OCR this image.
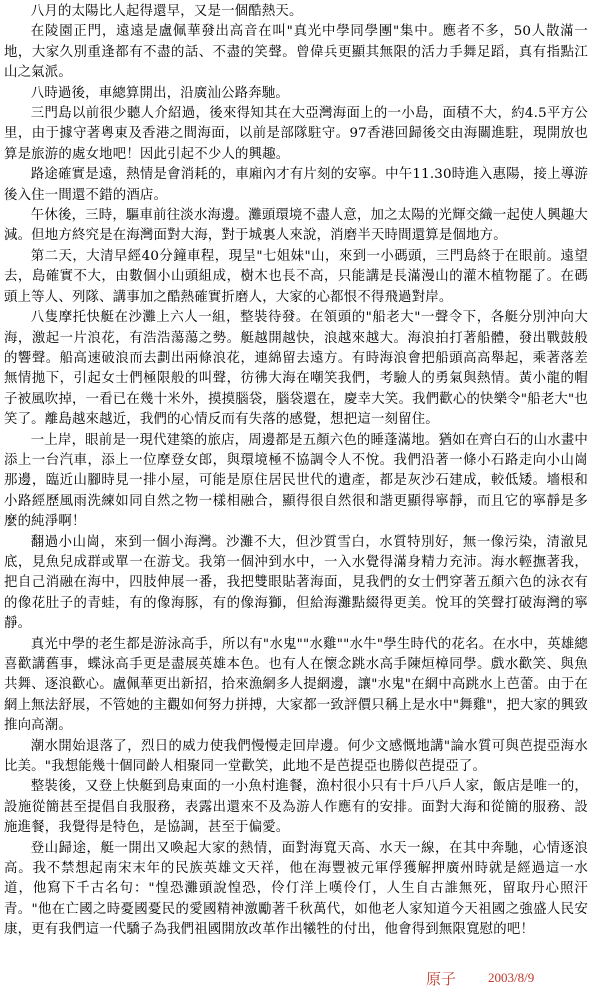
八月的太陽比人起得還早，又是一個酷熱天。

在陵園正門，遠遠是盧佩華發出高音在叫"真光中學同學團"集中。應者不多，50人散滿一地，大家久別重逢都有不盡的話、不盡的笑聲。曾偉兵更顯其無限的活力手舞足蹈，真有指點江山之氣派。

八時過後，車總算開出，沿廣汕公路奔馳。

三門島以前很少聽人介紹過，後來得知其在大亞灣海面上的一小島，面積不大，約4.5平方公里，由于據守著粵東及香港之間海面，以前是部隊駐守。97香港回歸後交由海關進駐，現開放也算是旅游的處女地吧！因此引起不少人的興趣。

路途確實是遠，熱情是會消耗的，車廂內才有片刻的安寧。中午11.30時進入惠陽，接上導游後入住一間還不錯的酒店。

午休後，三時，驅車前往淡水海邊。灘頭環境不盡人意，加之太陽的光輝交織一起使人興趣大減。但地方終究是在海灣面對大海，對于城裏人來說，消磨半天時間還算是個地方。

第二天，大清早經40分鐘車程，現呈"七姐妹"山，來到一小碼頭，三門島終于在眼前。遠望去，島確實不大，由數個小山頭組成，樹木也長不高，只能講是長滿漫山的灌木植物罷了。在碼頭上等人、列隊、講事加之酷熱確實折磨人，大家的心都恨不得飛過對岸。

八隻摩托快艇在沙灘上六人一組，整裝待發。在領頭的"船老大"一聲令下，各艇分別沖向大海，激起一片浪花，有浩浩蕩蕩之勢。艇越開越快，浪越來越大。海浪拍打著船體，發出戰鼓般的響聲。船高速破浪而去劃出兩條浪花，連綿留去遠方。有時海浪會把船頭高高舉起，乘著落差無情拋下，引起女士們極限般的叫聲，彷彿大海在嘲笑我們，考驗人的勇氣與熱情。黃小龍的帽子被風吹掉，一看已在幾十米外，摸摸腦袋，腦袋還在，慶幸大笑。我們歡心的快樂令"船老大"也笑了。離島越來越近，我們的心情反而有失落的感覺，想把這一刻留住。

一上岸，眼前是一現代建築的旅店，周邊都是五顏六色的睡蓬滿地。猶如在齊白石的山水畫中添上一台汽車，添上一位摩登女郎，與環境極不協調令人不悅。我們沿著一條小石路走向小山崗那邊，臨近山腳時見一排小屋，可能是原住居民世代的遺產，都是灰沙石建成，較低矮。墻根和小路經歷風雨洗練如同自然之物一樣相融合，顯得很自然很和諧更顯得寧靜，而且它的寧靜是多麼的純淨啊！

翻過小山崗，來到一個小海灣。沙灘不大，但沙質雪白，水質特別好，無一像污染，清澈見底，見魚兒成群或單一在游戈。我第一個沖到水中，一入水覺得滿身精力充沛。海水輕撫著我，把自己消融在海中，四肢伸展一番，我把雙眼貼著海面，見我們的女士們穿著五顏六色的泳衣有的像花肚子的青蛙，有的像海豚，有的像海獅，但給海灘點綴得更美。悅耳的笑聲打破海灣的寧靜。

真光中學的老生都是游泳高手，所以有"水鬼""水雞""水牛"學生時代的花名。在水中，英雄總喜歡講舊事，蝶泳高手更是盡展英雄本色。也有人在懷念跳水高手陳烜樟同學。戲水歡笑、與魚共舞、逐浪歡心。盧佩華更出新招，拾來漁網多人提網邊，讓"水鬼"在網中高跳水上芭蕾。由于在網上無法舒展，不管她的主觀如何努力拼搏，大家都一致評價只稱上是水中"舞雞"，把大家的興致推向高潮。

潮水開始退落了，烈日的威力使我們慢慢走回岸邊。何少文感慨地講"論水質可與芭提亞海水比美。"我想能幾十個同齡人相聚同一堂歡笑，此地不是芭提亞也勝似芭提亞了。

整裝後，又登上快艇到島東面的一小魚村進餐，漁村很小只有十戶八戶人家，飯店是唯一的，設施從簡甚至提倡自我服務，表露出還來不及為游人作應有的安排。面對大海和從簡的服務、設施進餐，我覺得是特色，是協調，甚至于偏愛。

登山歸途，艇一開出又喚起大家的熱情，面對海寬天高、水天一線，在其中奔馳，心情逐浪高。我不禁想起南宋末年的民族英雄文天祥，他在海豐被元軍俘獲解押廣州時就是經過這一水道，他寫下千古名句："惶恐灘頭說惶恐，伶仃洋上嘆伶仃，人生自古誰無死，留取丹心照汗青。"他在亡國之時憂國憂民的愛國精神激勵著千秋萬代，如他老人家知道今天祖國之強盛人民安康，更有我們這一代驕子為我們祖國開放改革作出犧牲的付出，他會得到無限寬慰的吧！

原子 2003/8/9
